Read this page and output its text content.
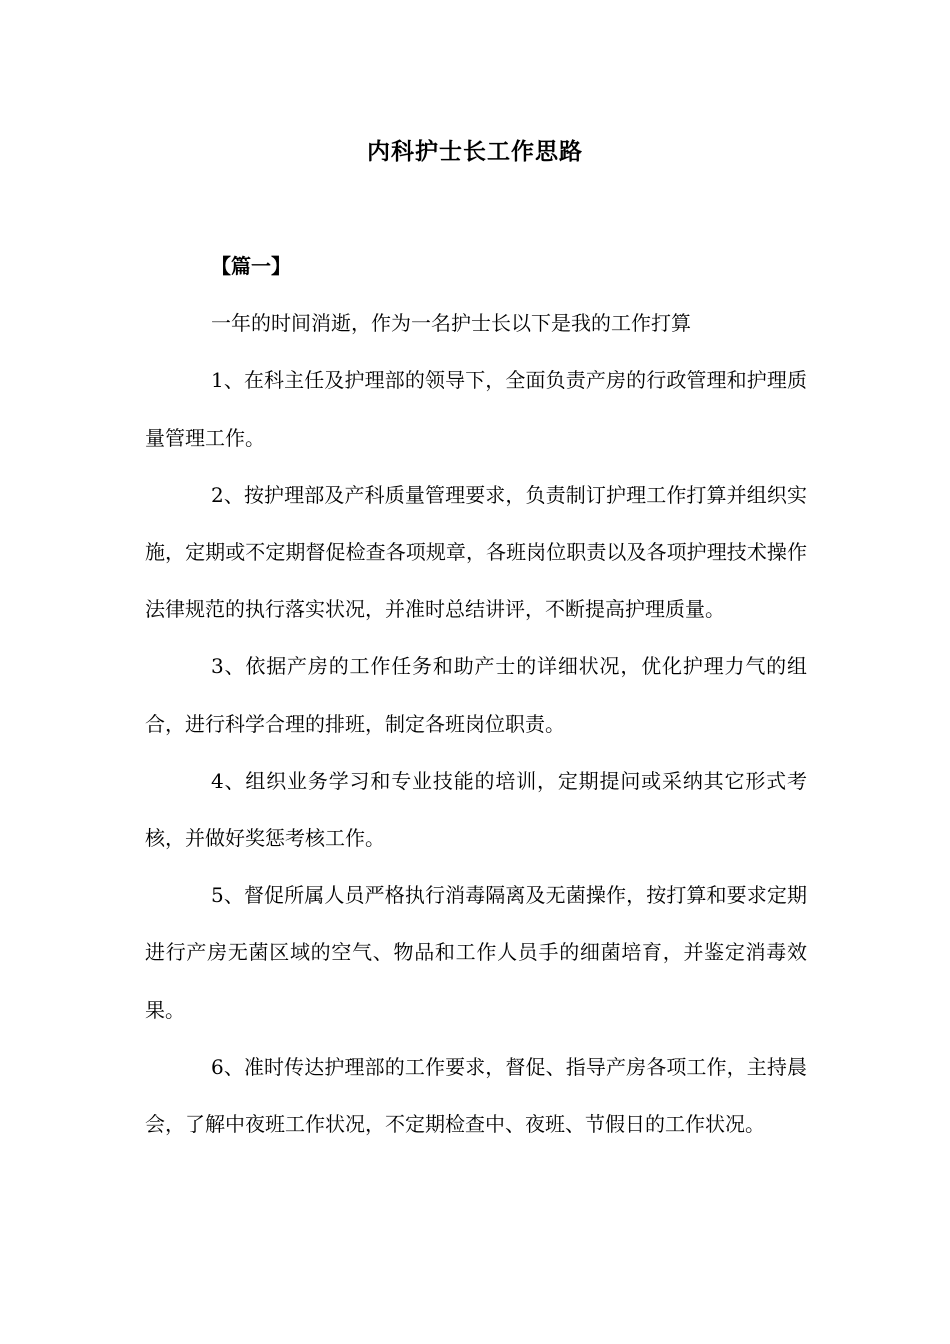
内科护士长工作思路

【篇一】

一年的时间消逝，作为一名护士长以下是我的工作打算

1、在科主任及护理部的领导下，全面负责产房的行政管理和护理质量管理工作。

2、按护理部及产科质量管理要求，负责制订护理工作打算并组织实施，定期或不定期督促检查各项规章，各班岗位职责以及各项护理技术操作法律规范的执行落实状况，并准时总结讲评，不断提高护理质量。

3、依据产房的工作任务和助产士的详细状况，优化护理力气的组合，进行科学合理的排班，制定各班岗位职责。

4、组织业务学习和专业技能的培训，定期提问或采纳其它形式考核，并做好奖惩考核工作。

5、督促所属人员严格执行消毒隔离及无菌操作，按打算和要求定期进行产房无菌区域的空气、物品和工作人员手的细菌培育，并鉴定消毒效果。

6、准时传达护理部的工作要求，督促、指导产房各项工作，主持晨会，了解中夜班工作状况，不定期检查中、夜班、节假日的工作状况。
